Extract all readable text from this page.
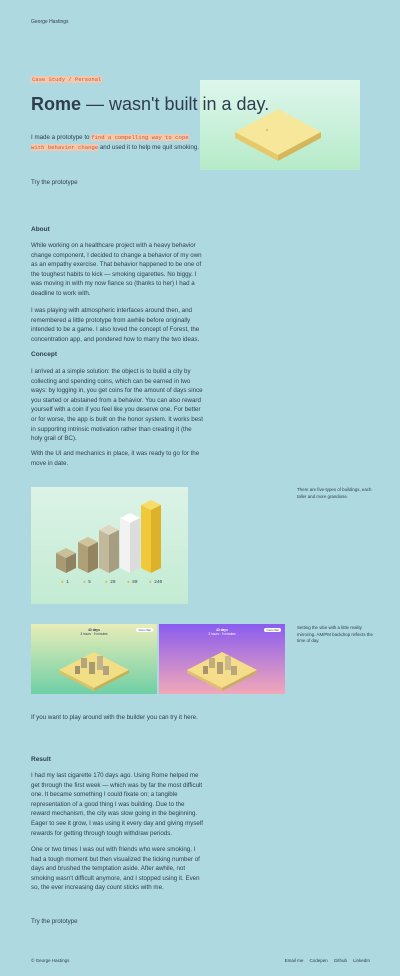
George Hastings
Case Study / Personal
Rome — wasn't built in a day.
I made a prototype to find a compelling way to cope with behavior change and used it to help me quit smoking.
Try the prototype
About
While working on a healthcare project with a heavy behavior change component, I decided to change a behavior of my own as an empathy exercise. That behavior happened to be one of the toughest habits to kick — smoking cigarettes. No biggy. I was moving in with my now fiance so (thanks to her) I had a deadline to work with.
I was playing with atmospheric interfaces around then, and remembered a little prototype from awhile before originally intended to be a game. I also loved the concept of Forest, the concentration app, and pondered how to marry the two ideas.
Concept
I arrived at a simple solution: the object is to build a city by collecting and spending coins, which can be earned in two ways: by logging in, you get coins for the amount of days since you started or abstained from a behavior. You can also reward yourself with a coin if you feel like you deserve one. For better or for worse, the app is built on the honor system. It works best in supporting intrinsic motivation rather than creating it (the holy grail of BC).
With the UI and mechanics in place, it was ready to go for the move in date.
● 1	● 5	● 20	● 80	● 240
There are five-types of buildings, each taller and more grandiose.
43 days
3 hours · 9 minutes
Coin chip	43 days
3 hours · 9 minutes
Coin chip	Setting the vibe with a little reality mirroring. AM/PM backdrop reflects the time of day.
If you want to play around with the builder you can try it here.
Result
I had my last cigarette 170 days ago. Using Rome helped me get through the first week — which was by far the most difficult one. It became something I could fixate on; a tangible representation of a good thing I was building. Due to the reward mechanism, the city was slow going in the beginning. Eager to see it grow, I was using it every day and giving myself rewards for getting through tough withdraw periods.
One or two times I was out with friends who were smoking. I had a tough moment but then visualized the ticking number of days and brushed the temptation aside. After awhile, not smoking wasn't difficult anymore, and I stopped using it. Even so, the ever increasing day count sticks with me.
Try the prototype
© George Hastings	Email me Codepen Github LinkedIn
